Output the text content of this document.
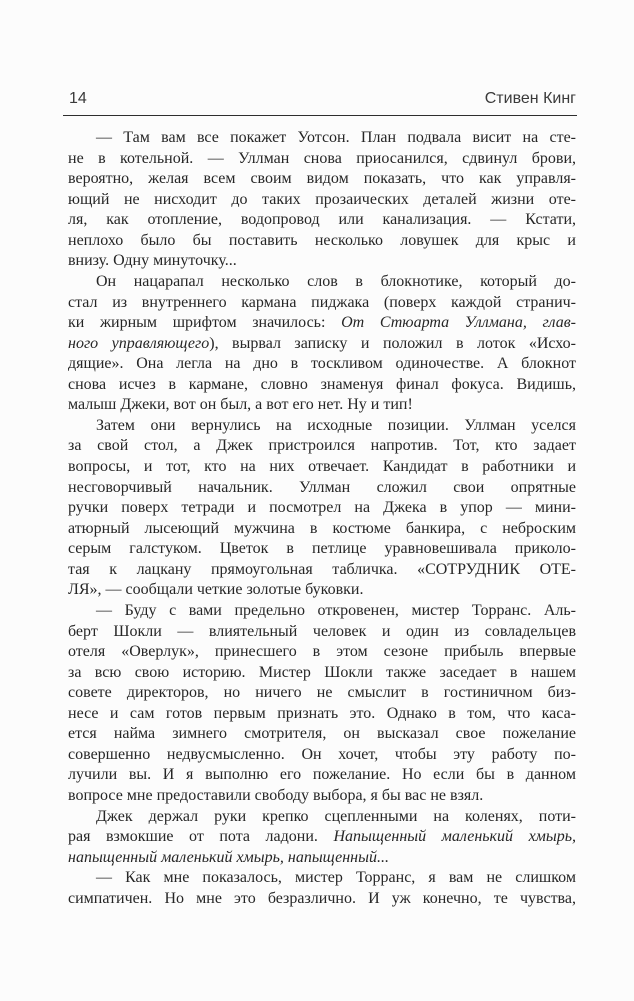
14	Стивен Кинг
— Там вам все покажет Уотсон. План подвала висит на сте-
не в котельной. — Уллман снова приосанился, сдвинул брови,
вероятно, желая всем своим видом показать, что как управля-
ющий не нисходит до таких прозаических деталей жизни оте-
ля, как отопление, водопровод или канализация. — Кстати,
неплохо было бы поставить несколько ловушек для крыс и
внизу. Одну минуточку...
Он нацарапал несколько слов в блокнотике, который до-
стал из внутреннего кармана пиджака (поверх каждой странич-
ки жирным шрифтом значилось: От Стюарта Уллмана, глав-
ного управляющего), вырвал записку и положил в лоток «Исхо-
дящие». Она легла на дно в тоскливом одиночестве. А блокнот
снова исчез в кармане, словно знаменуя финал фокуса. Видишь,
малыш Джеки, вот он был, а вот его нет. Ну и тип!
Затем они вернулись на исходные позиции. Уллман уселся
за свой стол, а Джек пристроился напротив. Тот, кто задает
вопросы, и тот, кто на них отвечает. Кандидат в работники и
несговорчивый начальник. Уллман сложил свои опрятные
ручки поверх тетради и посмотрел на Джека в упор — мини-
атюрный лысеющий мужчина в костюме банкира, с неброским
серым галстуком. Цветок в петлице уравновешивала приколо-
тая к лацкану прямоугольная табличка. «СОТРУДНИК ОТЕ-
ЛЯ», — сообщали четкие золотые буковки.
— Буду с вами предельно откровенен, мистер Торранс. Аль-
берт Шокли — влиятельный человек и один из совладельцев
отеля «Оверлук», принесшего в этом сезоне прибыль впервые
за всю свою историю. Мистер Шокли также заседает в нашем
совете директоров, но ничего не смыслит в гостиничном биз-
несе и сам готов первым признать это. Однако в том, что каса-
ется найма зимнего смотрителя, он высказал свое пожелание
совершенно недвусмысленно. Он хочет, чтобы эту работу по-
лучили вы. И я выполню его пожелание. Но если бы в данном
вопросе мне предоставили свободу выбора, я бы вас не взял.
Джек держал руки крепко сцепленными на коленях, поти-
рая взмокшие от пота ладони. Напыщенный маленький хмырь,
напыщенный маленький хмырь, напыщенный...
— Как мне показалось, мистер Торранс, я вам не слишком
симпатичен. Но мне это безразлично. И уж конечно, те чувства,
